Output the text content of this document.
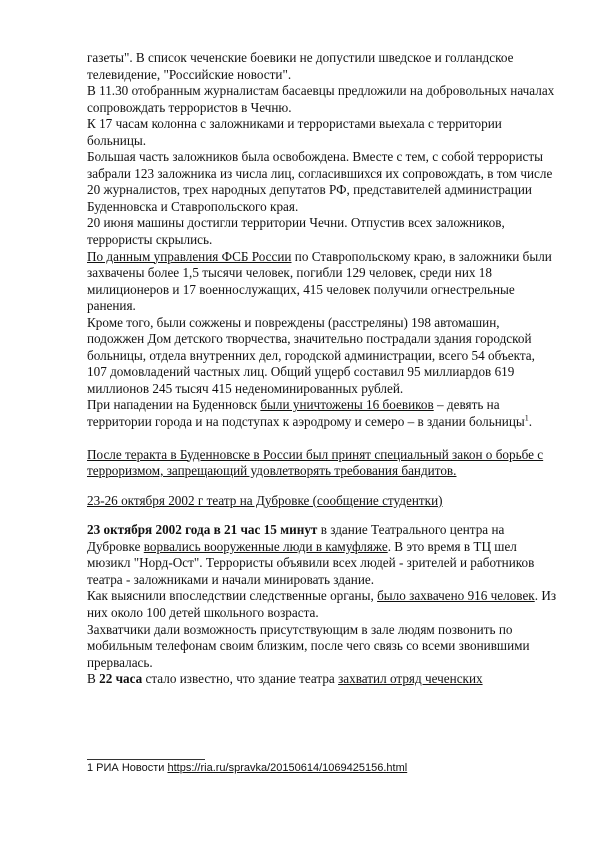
газеты". В список чеченские боевики не допустили шведское и голландское телевидение, "Российские новости".

В 11.30 отобранным журналистам басаевцы предложили на добровольных началах сопровождать террористов в Чечню.

К 17 часам колонна с заложниками и террористами выехала с территории больницы.

Большая часть заложников была освобождена. Вместе с тем, с собой террористы забрали 123 заложника из числа лиц, согласившихся их сопровождать, в том числе 20 журналистов, трех народных депутатов РФ, представителей администрации Буденновска и Ставропольского края.

20 июня машины достигли территории Чечни. Отпустив всех заложников, террористы скрылись.

По данным управления ФСБ России по Ставропольскому краю, в заложники были захвачены более 1,5 тысячи человек, погибли 129 человек, среди них 18 милиционеров и 17 военнослужащих, 415 человек получили огнестрельные ранения.

Кроме того, были сожжены и повреждены (расстреляны) 198 автомашин, подожжен Дом детского творчества, значительно пострадали здания городской больницы, отдела внутренних дел, городской администрации, всего 54 объекта, 107 домовладений частных лиц. Общий ущерб составил 95 миллиардов 619 миллионов 245 тысяч 415 неденоминированных рублей.

При нападении на Буденновск были уничтожены 16 боевиков – девять на территории города и на подступах к аэродрому и семеро – в здании больницы$^1$.

После теракта в Буденновске в России был принят специальный закон о борьбе с терроризмом, запрещающий удовлетворять требования бандитов.

23-26 октября 2002 г театр на Дубровке (сообщение студентки)

23 октября 2002 года в 21 час 15 минут в здание Театрального центра на Дубровке ворвались вооруженные люди в камуфляже. В это время в ТЦ шел мюзикл "Норд-Ост". Террористы объявили всех людей - зрителей и работников театра - заложниками и начали минировать здание.

Как выяснили впоследствии следственные органы, было захвачено 916 человек. Из них около 100 детей школьного возраста.

Захватчики дали возможность присутствующим в зале людям позвонить по мобильным телефонам своим близким, после чего связь со всеми звонившими прервалась.

В 22 часа стало известно, что здание театра захватил отряд чеченских

1 РИА Новости https://ria.ru/spravka/20150614/1069425156.html
